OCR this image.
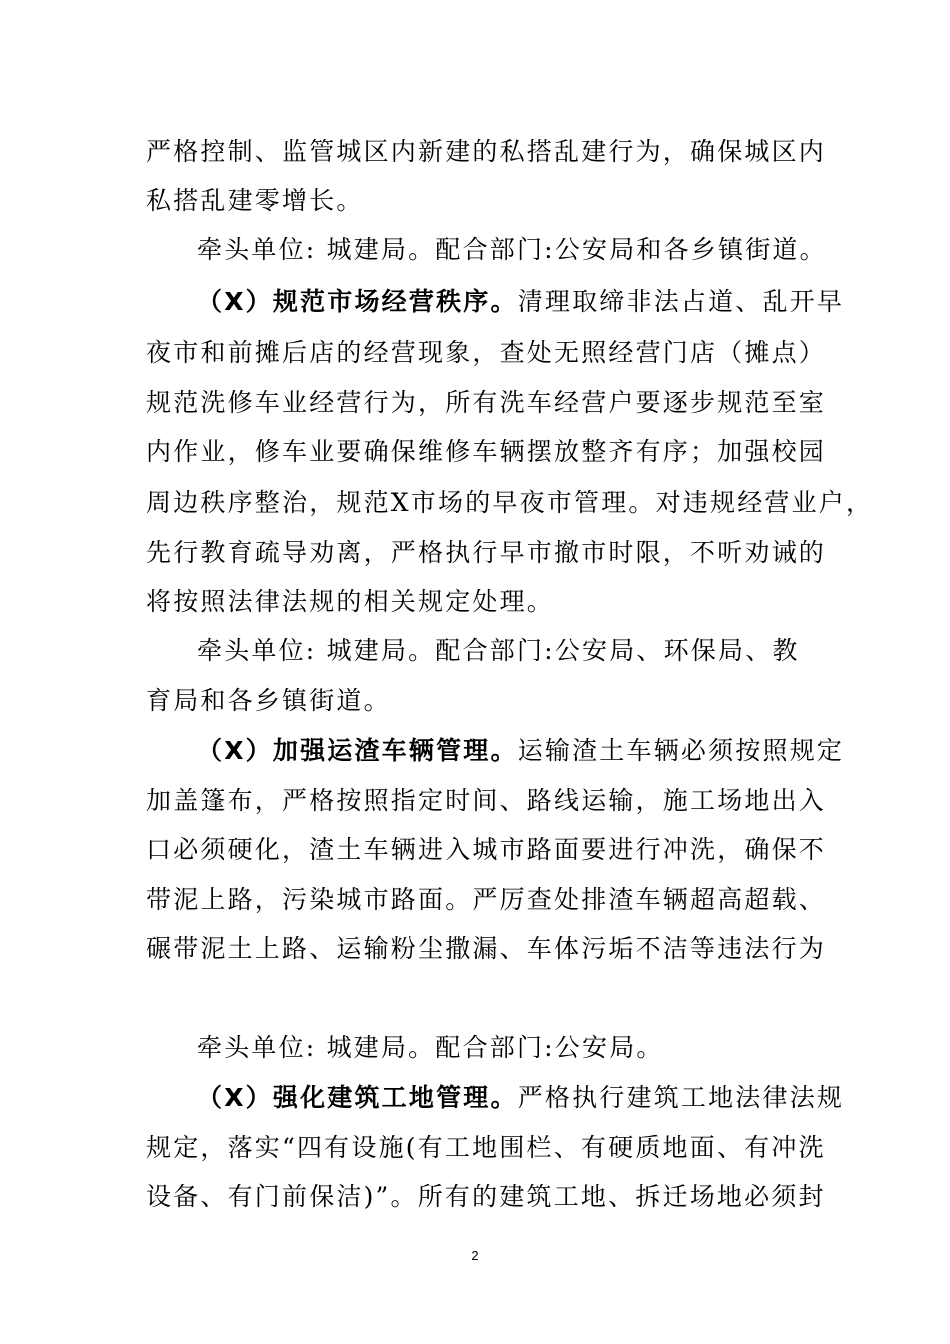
严格控制、监管城区内新建的私搭乱建行为，确保城区内

私搭乱建零增长。

牵头单位: 城建局。配合部门:公安局和各乡镇街道。

（X）规范市场经营秩序。清理取缔非法占道、乱开早

夜市和前摊后店的经营现象，查处无照经营门店（摊点）

规范洗修车业经营行为，所有洗车经营户要逐步规范至室

内作业，修车业要确保维修车辆摆放整齐有序；加强校园

周边秩序整治，规范X市场的早夜市管理。对违规经营业户，

先行教育疏导劝离，严格执行早市撤市时限，不听劝诫的

将按照法律法规的相关规定处理。

牵头单位: 城建局。配合部门:公安局、环保局、教

育局和各乡镇街道。

（X）加强运渣车辆管理。运输渣土车辆必须按照规定

加盖篷布，严格按照指定时间、路线运输，施工场地出入

口必须硬化，渣土车辆进入城市路面要进行冲洗，确保不

带泥上路，污染城市路面。严厉查处排渣车辆超高超载、

碾带泥土上路、运输粉尘撒漏、车体污垢不洁等违法行为

牵头单位: 城建局。配合部门:公安局。

（X）强化建筑工地管理。严格执行建筑工地法律法规

规定，落实“四有设施(有工地围栏、有硬质地面、有冲洗

设备、有门前保洁)”。所有的建筑工地、拆迁场地必须封

2
